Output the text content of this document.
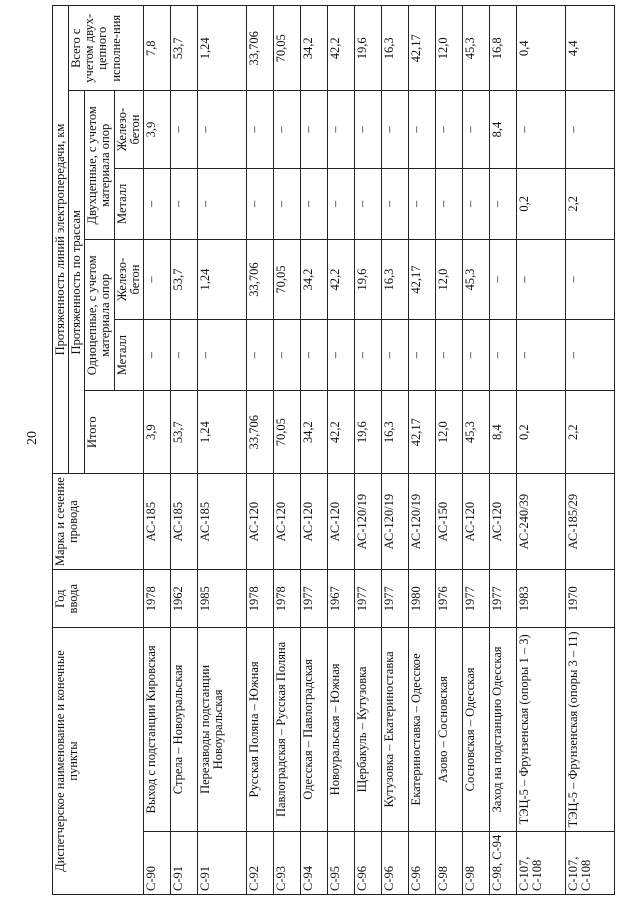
20
Диспетчерское наименование и конечные пункты		Год ввода	Марка и сечение провода	Протяженность линий электропередачи, км					
				Протяженность по трассам					Всего с учетом двух-цепного исполне-ния
				Итого	Одноцепные, с учетом материала опор		Двухцепные, с учетом материала опор		
					Металл	Железо-бетон	Металл	Железо-бетон	
С-90	Выход с подстанции Кировская	1978	АС-185	3,9	–	–	–	3,9	7,8
С-91	Стрела – Новоуральская	1962	АС-185	53,7	–	53,7	–	–	53,7
С-91	Перезаводы подстанции Новоуральская	1985	АС-185	1,24	–	1,24	–	–	1,24
С-92	Русская Поляна – Южная	1978	АС-120	33,706	–	33,706	–	–	33,706
С-93	Павлоградская – Русская Поляна	1978	АС-120	70,05	–	70,05	–	–	70,05
С-94	Одесская – Павлоградская	1977	АС-120	34,2	–	34,2	–	–	34,2
С-95	Новоуральская – Южная	1967	АС-120	42,2	–	42,2	–	–	42,2
С-96	Щербакуль – Кутузовка	1977	АС-120/19	19,6	–	19,6	–	–	19,6
С-96	Кутузовка – Екатериноставка	1977	АС-120/19	16,3	–	16,3	–	–	16,3
С-96	Екатериноставка – Одесское	1980	АС-120/19	42,17	–	42,17	–	–	42,17
С-98	Азово – Сосновская	1976	АС-150	12,0	–	12,0	–	–	12,0
С-98	Сосновская – Одесская	1977	АС-120	45,3	–	45,3	–	–	45,3
С-98, С-94	Заход на подстанцию Одесская	1977	АС-120	8,4	–	–	–	8,4	16,8
С-107, С-108	ТЭЦ-5 – Фрунзенская (опоры 1 – 3)	1983	АС-240/39	0,2	–	–	0,2	–	0,4
С-107, С-108	ТЭЦ-5 – Фрунзенская (опоры 3 – 11)	1970	АС-185/29	2,2	–	–	2,2	–	4,4
